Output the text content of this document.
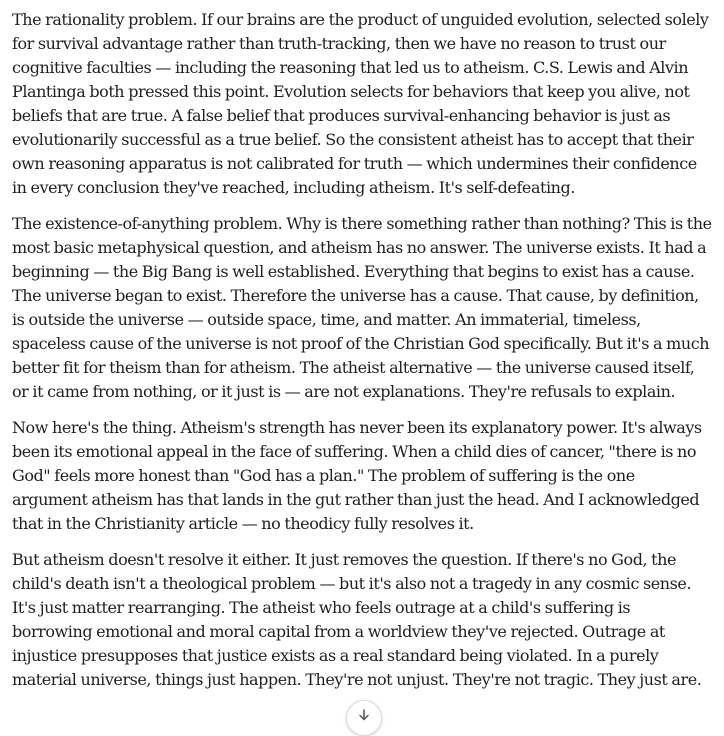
The rationality problem. If our brains are the product of unguided evolution, selected solely for survival advantage rather than truth-tracking, then we have no reason to trust our cognitive faculties — including the reasoning that led us to atheism. C.S. Lewis and Alvin Plantinga both pressed this point. Evolution selects for behaviors that keep you alive, not beliefs that are true. A false belief that produces survival-enhancing behavior is just as evolutionarily successful as a true belief. So the consistent atheist has to accept that their own reasoning apparatus is not calibrated for truth — which undermines their confidence in every conclusion they've reached, including atheism. It's self-defeating.

The existence-of-anything problem. Why is there something rather than nothing? This is the most basic metaphysical question, and atheism has no answer. The universe exists. It had a beginning — the Big Bang is well established. Everything that begins to exist has a cause. The universe began to exist. Therefore the universe has a cause. That cause, by definition, is outside the universe — outside space, time, and matter. An immaterial, timeless, spaceless cause of the universe is not proof of the Christian God specifically. But it's a much better fit for theism than for atheism. The atheist alternative — the universe caused itself, or it came from nothing, or it just is — are not explanations. They're refusals to explain.

Now here's the thing. Atheism's strength has never been its explanatory power. It's always been its emotional appeal in the face of suffering. When a child dies of cancer, "there is no God" feels more honest than "God has a plan." The problem of suffering is the one argument atheism has that lands in the gut rather than just the head. And I acknowledged that in the Christianity article — no theodicy fully resolves it.

But atheism doesn't resolve it either. It just removes the question. If there's no God, the child's death isn't a theological problem — but it's also not a tragedy in any cosmic sense. It's just matter rearranging. The atheist who feels outrage at a child's suffering is borrowing emotional and moral capital from a worldview they've rejected. Outrage at injustice presupposes that justice exists as a real standard being violated. In a purely material universe, things just happen. They're not unjust. They're not tragic. They just are.
